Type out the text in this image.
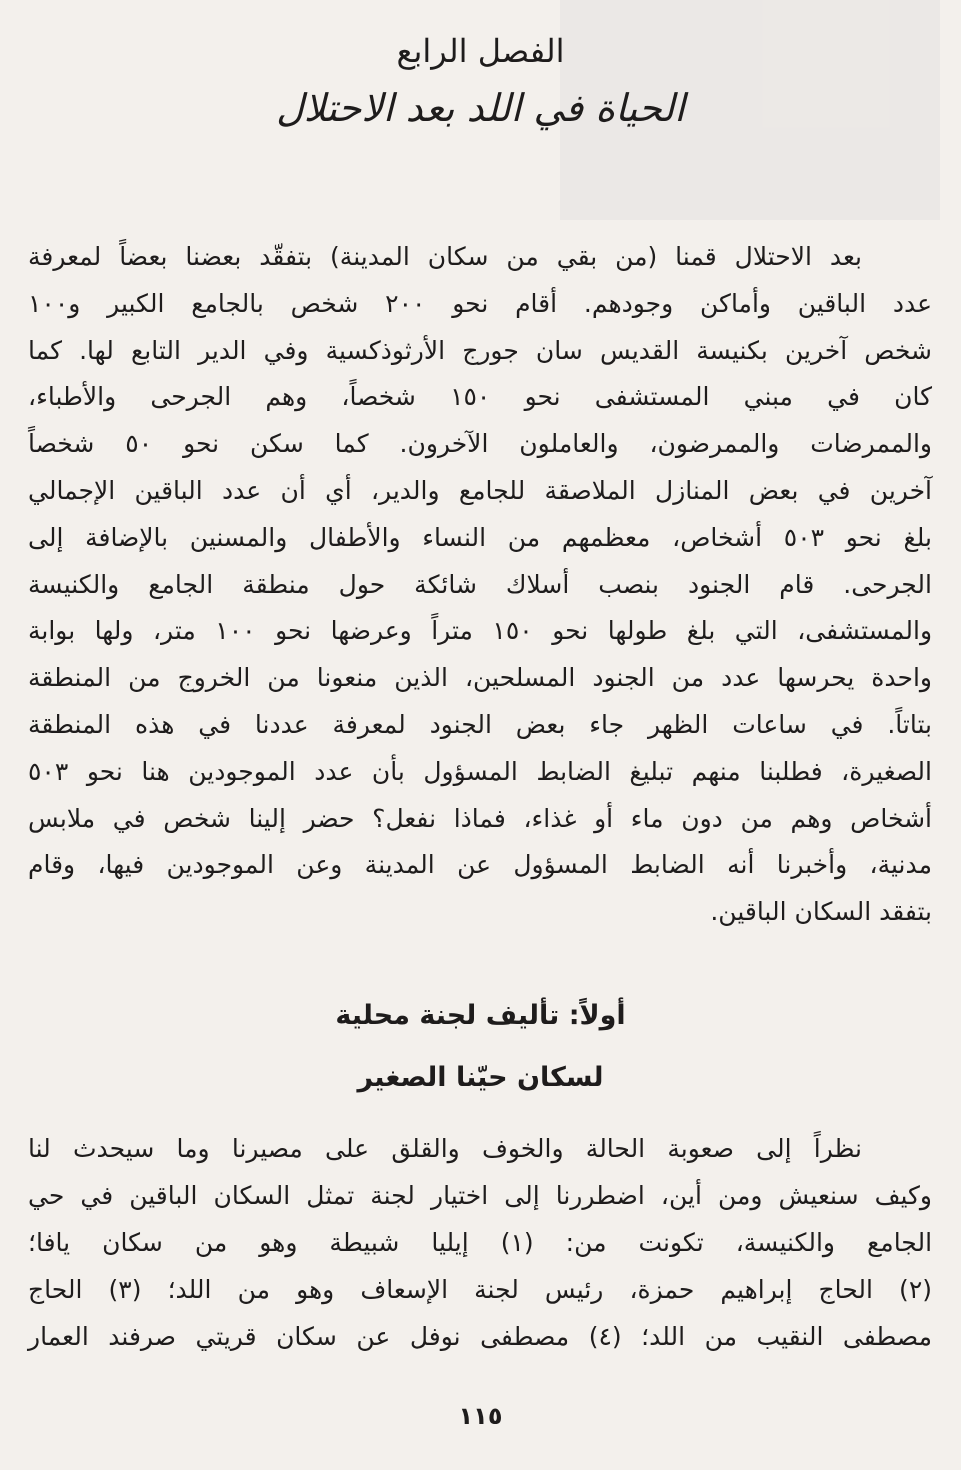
الفصل الرابع
الحياة في اللد بعد الاحتلال
بعد الاحتلال قمنا (من بقي من سكان المدينة) بتفقّد بعضنا بعضاً لمعرفة
عدد الباقين وأماكن وجودهم. أقام نحو ٢٠٠ شخص بالجامع الكبير و١٠٠
شخص آخرين بكنيسة القديس سان جورج الأرثوذكسية وفي الدير التابع لها. كما
كان في مبني المستشفى نحو ١٥٠ شخصاً، وهم الجرحى والأطباء،
والممرضات والممرضون، والعاملون الآخرون. كما سكن نحو ٥٠ شخصاً
آخرين في بعض المنازل الملاصقة للجامع والدير، أي أن عدد الباقين الإجمالي
بلغ نحو ٥٠٣ أشخاص، معظمهم من النساء والأطفال والمسنين بالإضافة إلى
الجرحى. قام الجنود بنصب أسلاك شائكة حول منطقة الجامع والكنيسة
والمستشفى، التي بلغ طولها نحو ١٥٠ متراً وعرضها نحو ١٠٠ متر، ولها بوابة
واحدة يحرسها عدد من الجنود المسلحين، الذين منعونا من الخروج من المنطقة
بتاتاً. في ساعات الظهر جاء بعض الجنود لمعرفة عددنا في هذه المنطقة
الصغيرة، فطلبنا منهم تبليغ الضابط المسؤول بأن عدد الموجودين هنا نحو ٥٠٣
أشخاص وهم من دون ماء أو غذاء، فماذا نفعل؟ حضر إلينا شخص في ملابس
مدنية، وأخبرنا أنه الضابط المسؤول عن المدينة وعن الموجودين فيها، وقام
بتفقد السكان الباقين.
أولاً: تأليف لجنة محلية
لسكان حيّنا الصغير
نظراً إلى صعوبة الحالة والخوف والقلق على مصيرنا وما سيحدث لنا
وكيف سنعيش ومن أين، اضطررنا إلى اختيار لجنة تمثل السكان الباقين في حي
الجامع والكنيسة، تكونت من: (١) إيليا شبيطة وهو من سكان يافا؛
(٢) الحاج إبراهيم حمزة، رئيس لجنة الإسعاف وهو من اللد؛ (٣) الحاج
مصطفى النقيب من اللد؛ (٤) مصطفى نوفل عن سكان قريتي صرفند العمار
١١٥
